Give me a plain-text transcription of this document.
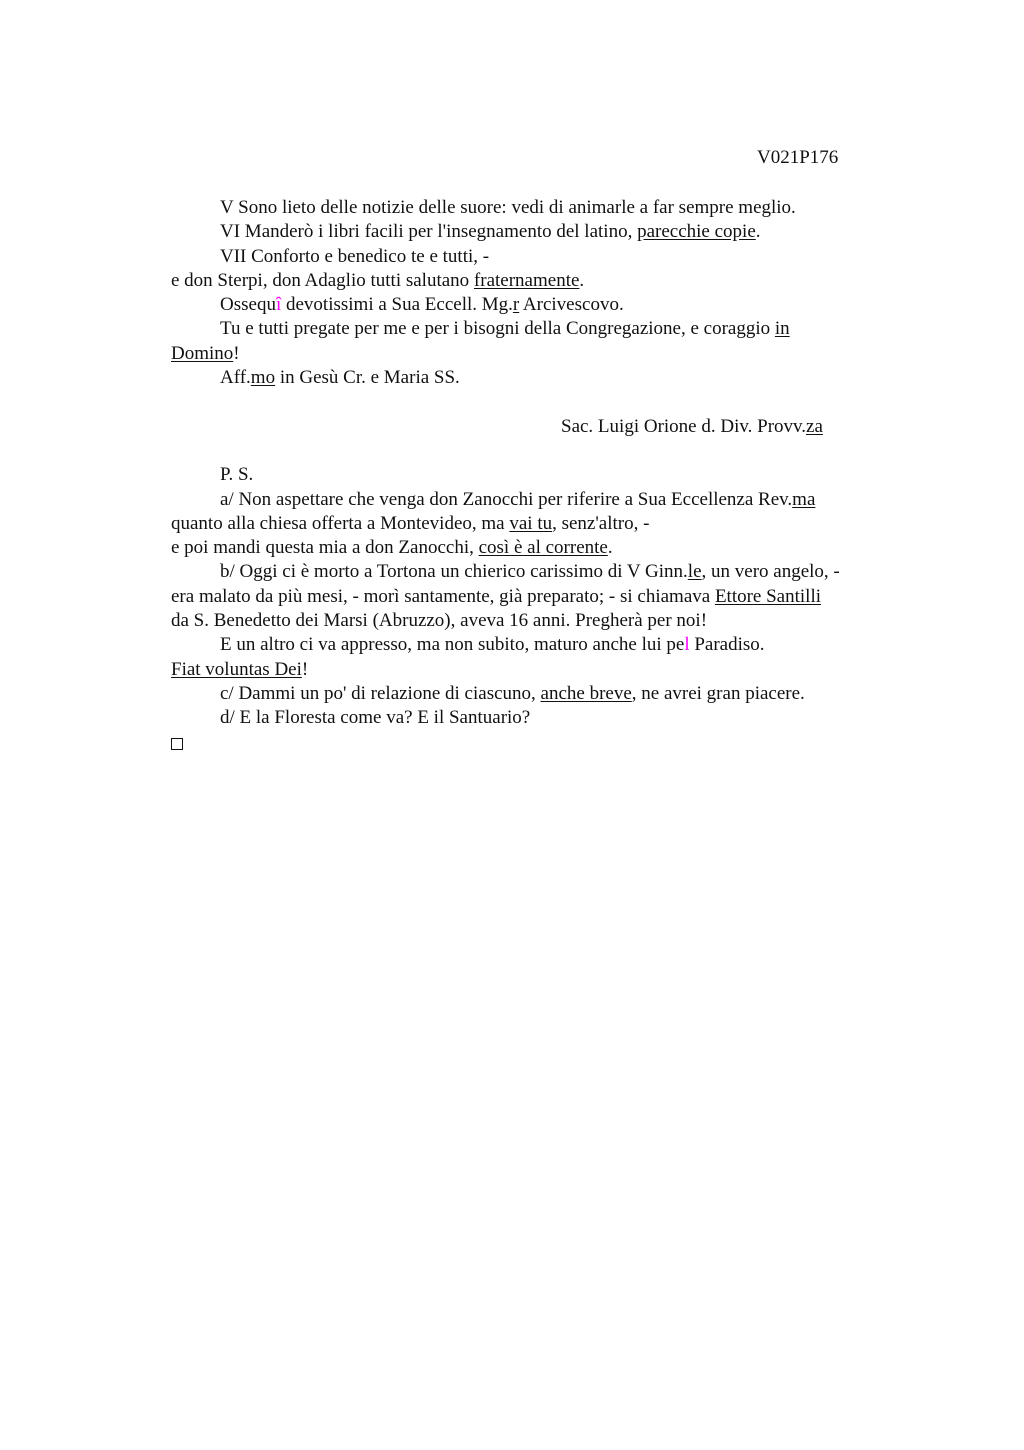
V021P176
V Sono lieto delle notizie delle suore: vedi di animarle a far sempre meglio.
VI Manderò i libri facili per l'insegnamento del latino, parecchie copie.
VII Conforto e benedico te e tutti, -
e don Sterpi, don Adaglio tutti salutano fraternamente.
Ossequî devotissimi a Sua Eccell. Mg.r Arcivescovo.
Tu e tutti pregate per me e per i bisogni della Congregazione, e coraggio in
Domino!
Aff.mo in Gesù Cr. e Maria SS.
Sac. Luigi Orione d. Div. Provv.za
P. S.
a/ Non aspettare che venga don Zanocchi per riferire a Sua Eccellenza Rev.ma
quanto alla chiesa offerta a Montevideo, ma vai tu, senz'altro, -
e poi mandi questa mia a don Zanocchi, così è al corrente.
b/ Oggi ci è morto a Tortona un chierico carissimo di V Ginn.le, un vero angelo, -
era malato da più mesi, - morì santamente, già preparato; - si chiamava Ettore Santilli
da S. Benedetto dei Marsi (Abruzzo), aveva 16 anni. Pregherà per noi!
E un altro ci va appresso, ma non subito, maturo anche lui pel Paradiso.
Fiat voluntas Dei!
c/ Dammi un po' di relazione di ciascuno, anche breve, ne avrei gran piacere.
d/ E la Floresta come va? E il Santuario?
